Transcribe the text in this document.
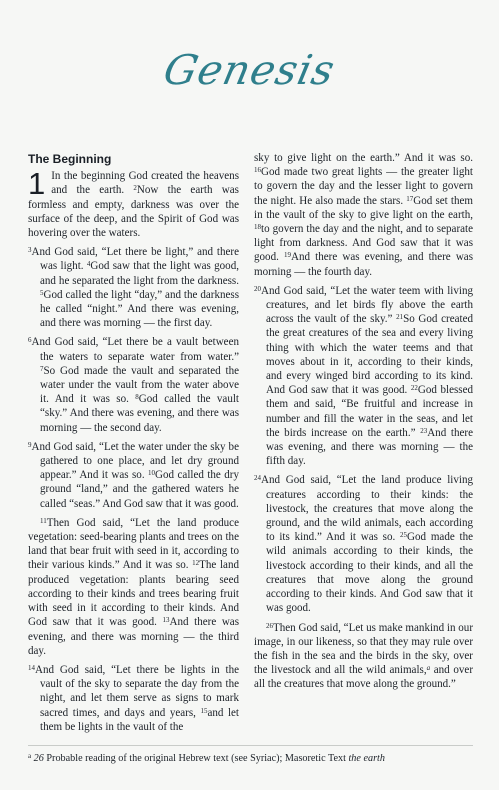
Genesis
The Beginning

1 In the beginning God created the heavens and the earth. $^2$Now the earth was formless and empty, darkness was over the surface of the deep, and the Spirit of God was hovering over the waters.

$^3$And God said, “Let there be light,” and there was light. $^4$God saw that the light was good, and he separated the light from the darkness. $^5$God called the light “day,” and the darkness he called “night.” And there was evening, and there was morning — the first day.

$^6$And God said, “Let there be a vault between the waters to separate water from water.” $^7$So God made the vault and separated the water under the vault from the water above it. And it was so. $^8$God called the vault “sky.” And there was evening, and there was morning — the second day.

$^9$And God said, “Let the water under the sky be gathered to one place, and let dry ground appear.” And it was so. $^{10}$God called the dry ground “land,” and the gathered waters he called “seas.” And God saw that it was good.

$^{11}$Then God said, “Let the land produce vegetation: seed-bearing plants and trees on the land that bear fruit with seed in it, according to their various kinds.” And it was so. $^{12}$The land produced vegetation: plants bearing seed according to their kinds and trees bearing fruit with seed in it according to their kinds. And God saw that it was good. $^{13}$And there was evening, and there was morning — the third day.

$^{14}$And God said, “Let there be lights in the vault of the sky to separate the day from the night, and let them serve as signs to mark sacred times, and days and years, $^{15}$and let them be lights in the vault of the

sky to give light on the earth.” And it was so. $^{16}$God made two great lights — the greater light to govern the day and the lesser light to govern the night. He also made the stars. $^{17}$God set them in the vault of the sky to give light on the earth, $^{18}$to govern the day and the night, and to separate light from darkness. And God saw that it was good. $^{19}$And there was evening, and there was morning — the fourth day.

$^{20}$And God said, “Let the water teem with living creatures, and let birds fly above the earth across the vault of the sky.” $^{21}$So God created the great creatures of the sea and every living thing with which the water teems and that moves about in it, according to their kinds, and every winged bird according to its kind. And God saw that it was good. $^{22}$God blessed them and said, “Be fruitful and increase in number and fill the water in the seas, and let the birds increase on the earth.” $^{23}$And there was evening, and there was morning — the fifth day.

$^{24}$And God said, “Let the land produce living creatures according to their kinds: the livestock, the creatures that move along the ground, and the wild animals, each according to its kind.” And it was so. $^{25}$God made the wild animals according to their kinds, the livestock according to their kinds, and all the creatures that move along the ground according to their kinds. And God saw that it was good.

$^{26}$Then God said, “Let us make mankind in our image, in our likeness, so that they may rule over the fish in the sea and the birds in the sky, over the livestock and all the wild animals,$^a$ and over all the creatures that move along the ground.”

$^a$ 26 Probable reading of the original Hebrew text (see Syriac); Masoretic Text the earth
